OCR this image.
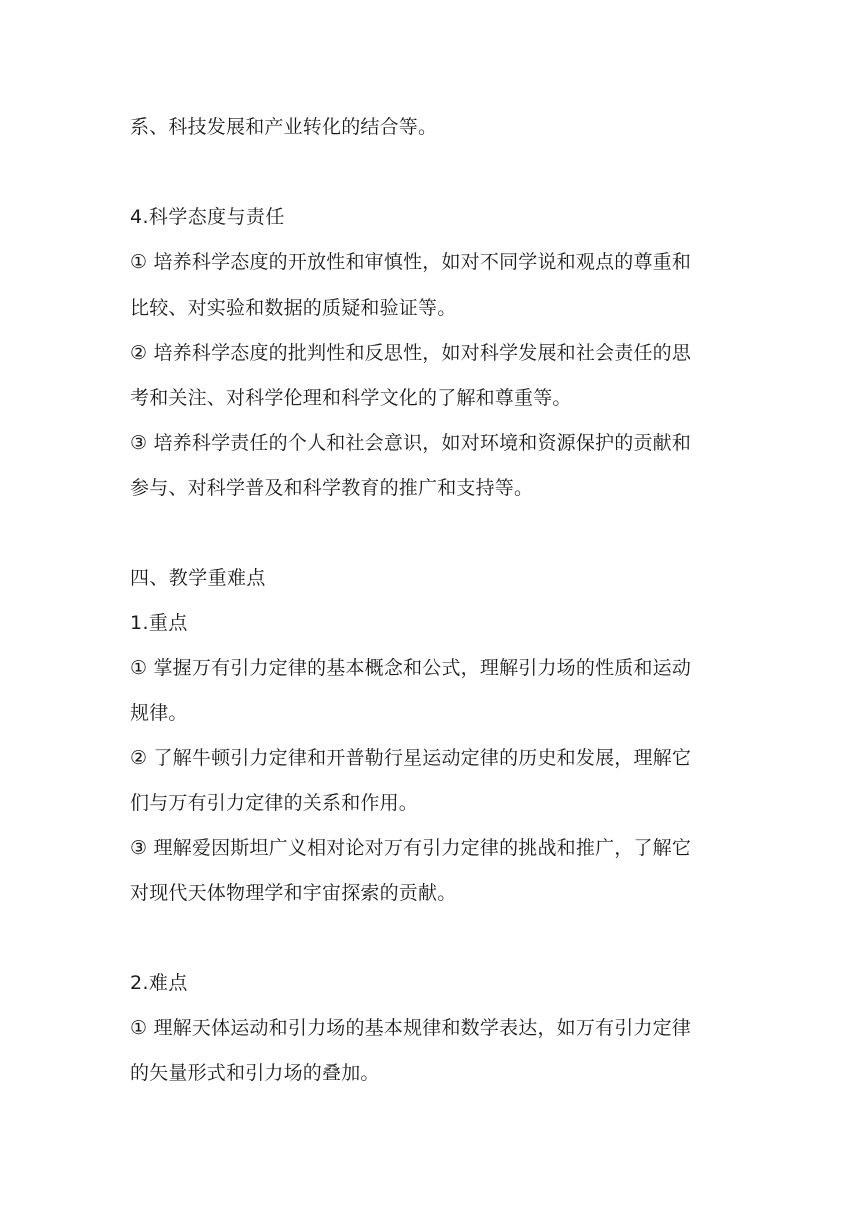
系、科技发展和产业转化的结合等。
4.科学态度与责任
① 培养科学态度的开放性和审慎性，如对不同学说和观点的尊重和
比较、对实验和数据的质疑和验证等。
② 培养科学态度的批判性和反思性，如对科学发展和社会责任的思
考和关注、对科学伦理和科学文化的了解和尊重等。
③ 培养科学责任的个人和社会意识，如对环境和资源保护的贡献和
参与、对科学普及和科学教育的推广和支持等。
四、教学重难点
1.重点
① 掌握万有引力定律的基本概念和公式，理解引力场的性质和运动
规律。
② 了解牛顿引力定律和开普勒行星运动定律的历史和发展，理解它
们与万有引力定律的关系和作用。
③ 理解爱因斯坦广义相对论对万有引力定律的挑战和推广，了解它
对现代天体物理学和宇宙探索的贡献。
2.难点
① 理解天体运动和引力场的基本规律和数学表达，如万有引力定律
的矢量形式和引力场的叠加。
